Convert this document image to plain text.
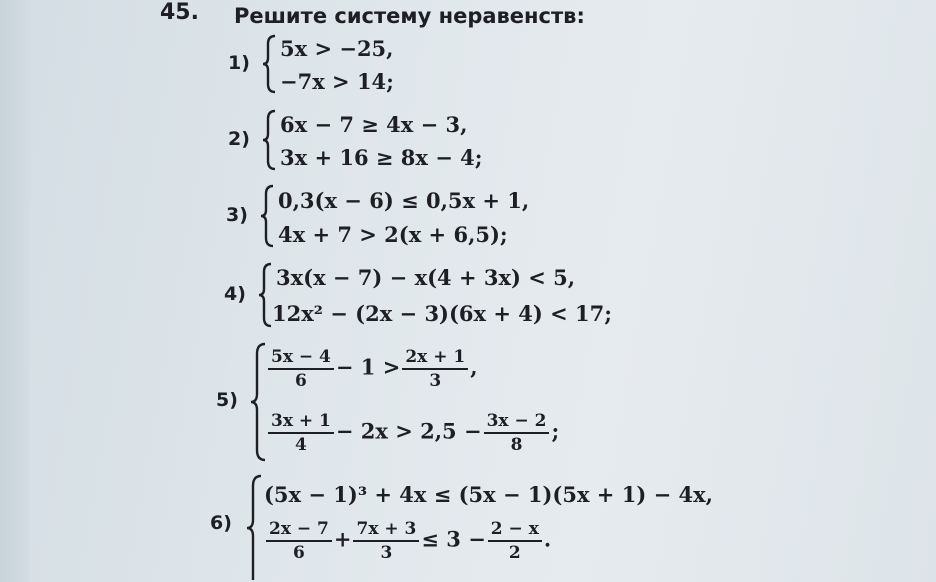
45. Решите систему неравенств:
1)
5x > −25,
−7x > 14;
2)
6x − 7 ≥ 4x − 3,
3x + 16 ≥ 8x − 4;
3)
0,3(x − 6) ≤ 0,5x + 1,
4x + 7 > 2(x + 6,5);
4)
3x(x − 7) − x(4 + 3x) < 5,
12x² − (2x − 3)(6x + 4) < 17;
5)
$\frac{5x - 4}{6} - 1 > \frac{2x + 1}{3}$ ,
$\frac{3x + 1}{4} - 2x > 2,5 - \frac{3x - 2}{8}$ ;
6)
(5x − 1)³ + 4x ≤ (5x − 1)(5x + 1) − 4x,
$\frac{2x - 7}{6} + \frac{7x + 3}{3} \le 3 - \frac{2 - x}{2}$ .
